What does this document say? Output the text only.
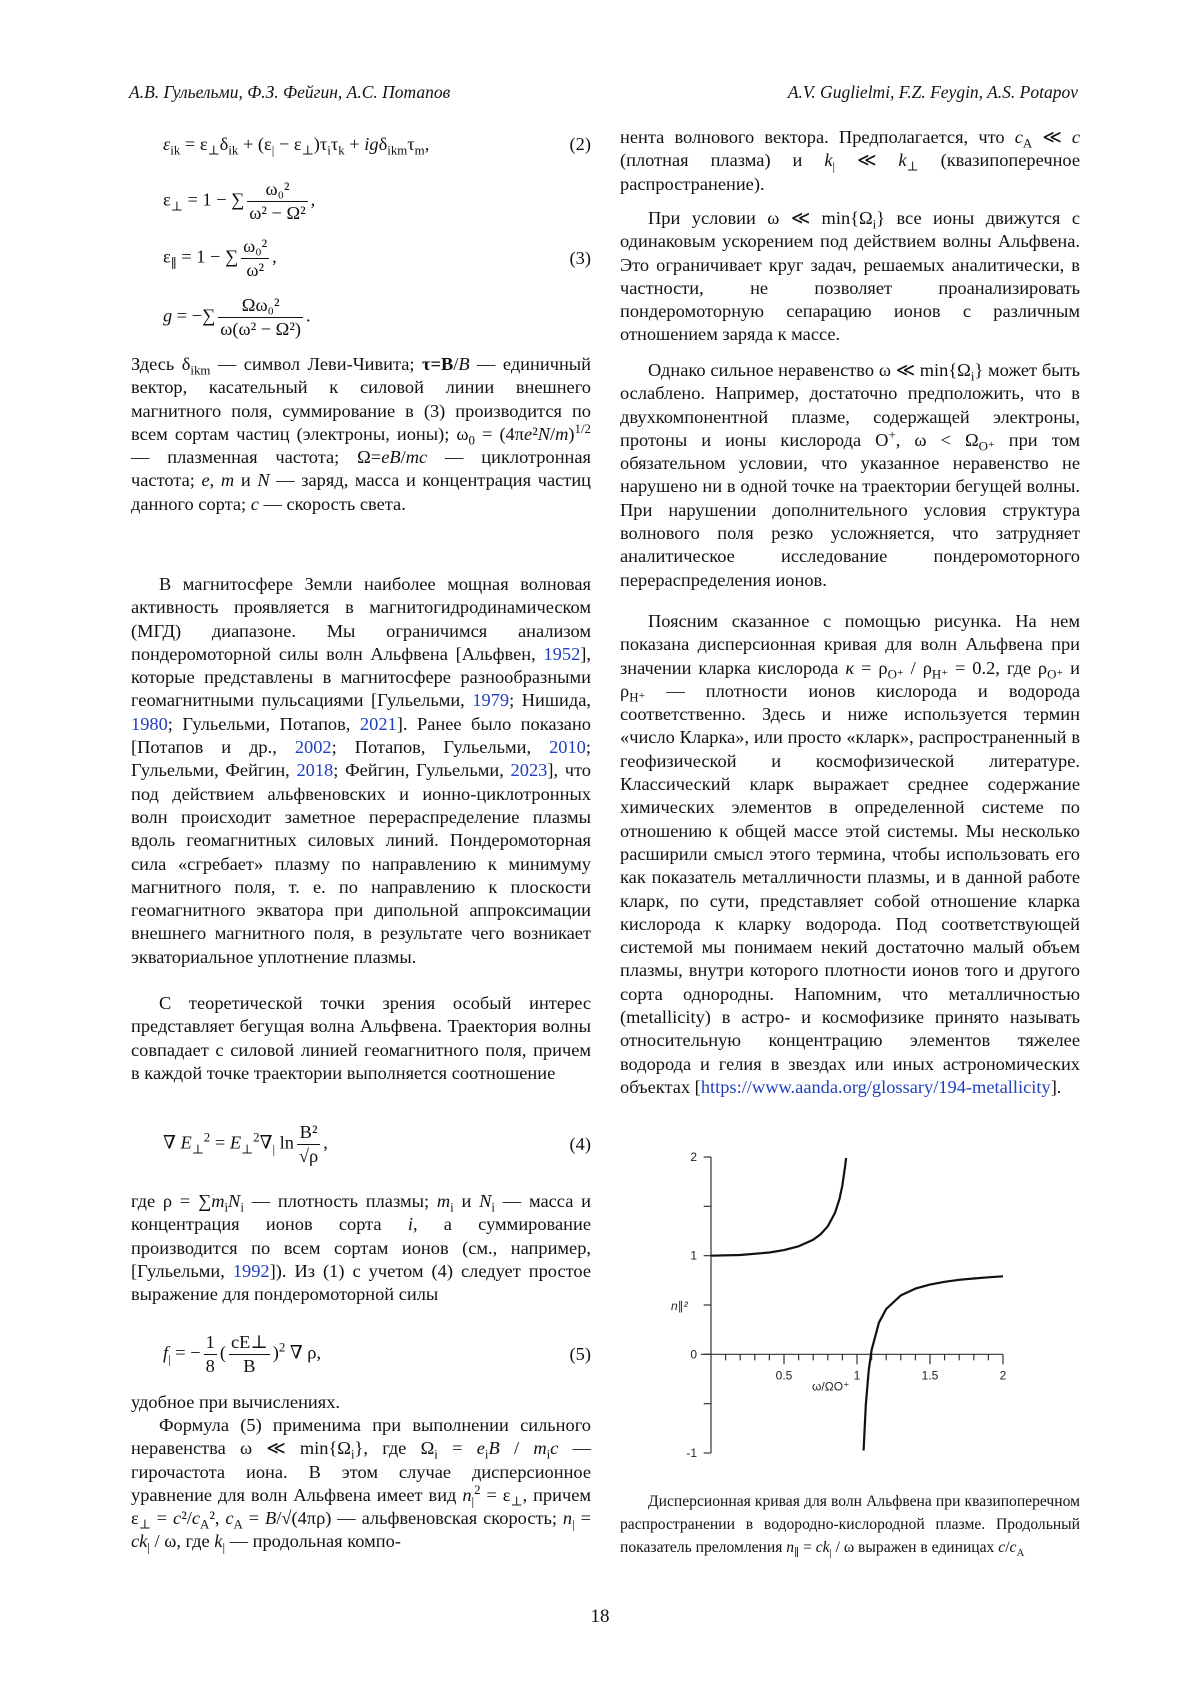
А.В. Гульельми, Ф.З. Фейгин, А.С. Потапов	A.V. Guglielmi, F.Z. Feygin, A.S. Potapov
εik = ε⊥δik + (ε| − ε⊥)τiτk + igδikmτm,	(2)
ε⊥ = 1 − ∑
ω₀²
ω² − Ω²
,
ε∥ = 1 − ∑
ω₀²
ω²
,	(3)
g = −∑
Ωω₀²
ω(ω² − Ω²)
.

Здесь δikm — символ Леви-Чивита; τ=B/B — единичный вектор, касательный к силовой линии внешнего магнитного поля, суммирование в (3) производится по всем сортам частиц (электроны, ионы); ω0 = (4πe²N/m)1/2 — плазменная частота; Ω=eB/mc — циклотронная частота; e, m и N — заряд, масса и концентрация частиц данного сорта; c — скорость света.

В магнитосфере Земли наиболее мощная волновая активность проявляется в магнитогидродинамическом (МГД) диапазоне. Мы ограничимся анализом пондеромоторной силы волн Альфвена [Альфвен, 1952], которые представлены в магнитосфере разнообразными геомагнитными пульсациями [Гульельми, 1979; Нишида, 1980; Гульельми, Потапов, 2021]. Ранее было показано [Потапов и др., 2002; Потапов, Гульельми, 2010; Гульельми, Фейгин, 2018; Фейгин, Гульельми, 2023], что под действием альфвеновских и ионно-циклотронных волн происходит заметное перераспределение плазмы вдоль геомагнитных силовых линий. Пондеромоторная сила «сгребает» плазму по направлению к минимуму магнитного поля, т. е. по направлению к плоскости геомагнитного экватора при дипольной аппроксимации внешнего магнитного поля, в результате чего возникает экваториальное уплотнение плазмы.

С теоретической точки зрения особый интерес представляет бегущая волна Альфвена. Траектория волны совпадает с силовой линией геомагнитного поля, причем в каждой точке траектории выполняется соотношение

∇ E⊥2 = E⊥2∇| ln
B²
√ρ
,	(4)

где ρ = ∑miNi — плотность плазмы; mi и Ni — масса и концентрация ионов сорта i, а суммирование производится по всем сортам ионов (см., например, [Гульельми, 1992]). Из (1) с учетом (4) следует простое выражение для пондеромоторной силы

f| = −
1
8
(
cE⊥
B
)2 ∇ ρ,	(5)

удобное при вычислениях.

Формула (5) применима при выполнении сильного неравенства ω ≪ min{Ωi}, где Ωi = eiB / mic — гирочастота иона. В этом случае дисперсионное уравнение для волн Альфвена имеет вид n|2 = ε⊥, причем ε⊥ = c²/cA², cA = B/√(4πρ) — альфвеновская скорость; n| = ck| / ω, где k| — продольная компо-

нента волнового вектора. Предполагается, что cA ≪ c (плотная плазма) и k| ≪ k⊥ (квазипоперечное распространение).

При условии ω ≪ min{Ωi} все ионы движутся с одинаковым ускорением под действием волны Альфвена. Это ограничивает круг задач, решаемых аналитически, в частности, не позволяет проанализировать пондеромоторную сепарацию ионов с различным отношением заряда к массе.

Однако сильное неравенство ω ≪ min{Ωi} может быть ослаблено. Например, достаточно предположить, что в двухкомпонентной плазме, содержащей электроны, протоны и ионы кислорода O+, ω < ΩO⁺ при том обязательном условии, что указанное неравенство не нарушено ни в одной точке на траектории бегущей волны. При нарушении дополнительного условия структура волнового поля резко усложняется, что затрудняет аналитическое исследование пондеромоторного перераспределения ионов.

Поясним сказанное с помощью рисунка. На нем показана дисперсионная кривая для волн Альфвена при значении кларка кислорода κ = ρO⁺ / ρH⁺ = 0.2, где ρO⁺ и ρH⁺ — плотности ионов кислорода и водорода соответственно. Здесь и ниже используется термин «число Кларка», или просто «кларк», распространенный в геофизической и космофизической литературе. Классический кларк выражает среднее содержание химических элементов в определенной системе по отношению к общей массе этой системы. Мы несколько расширили смысл этого термина, чтобы использовать его как показатель металличности плазмы, и в данной работе кларк, по сути, представляет собой отношение кларка кислорода к кларку водорода. Под соответствующей системой мы понимаем некий достаточно малый объем плазмы, внутри которого плотности ионов того и другого сорта однородны. Напомним, что металличностью (metallicity) в астро- и космофизике принято называть относительную концентрацию элементов тяжелее водорода и гелия в звездах или иных астрономических объектах [https://www.aanda.org/glossary/194-metallicity].

0.5	1	1.5	2
-1
0
1
2
ω/ΩO⁺
n∥²
Дисперсионная кривая для волн Альфвена при квазипоперечном распространении в водородно-кислородной плазме. Продольный показатель преломления n∥ = ck| / ω выражен в единицах c/cA
18
